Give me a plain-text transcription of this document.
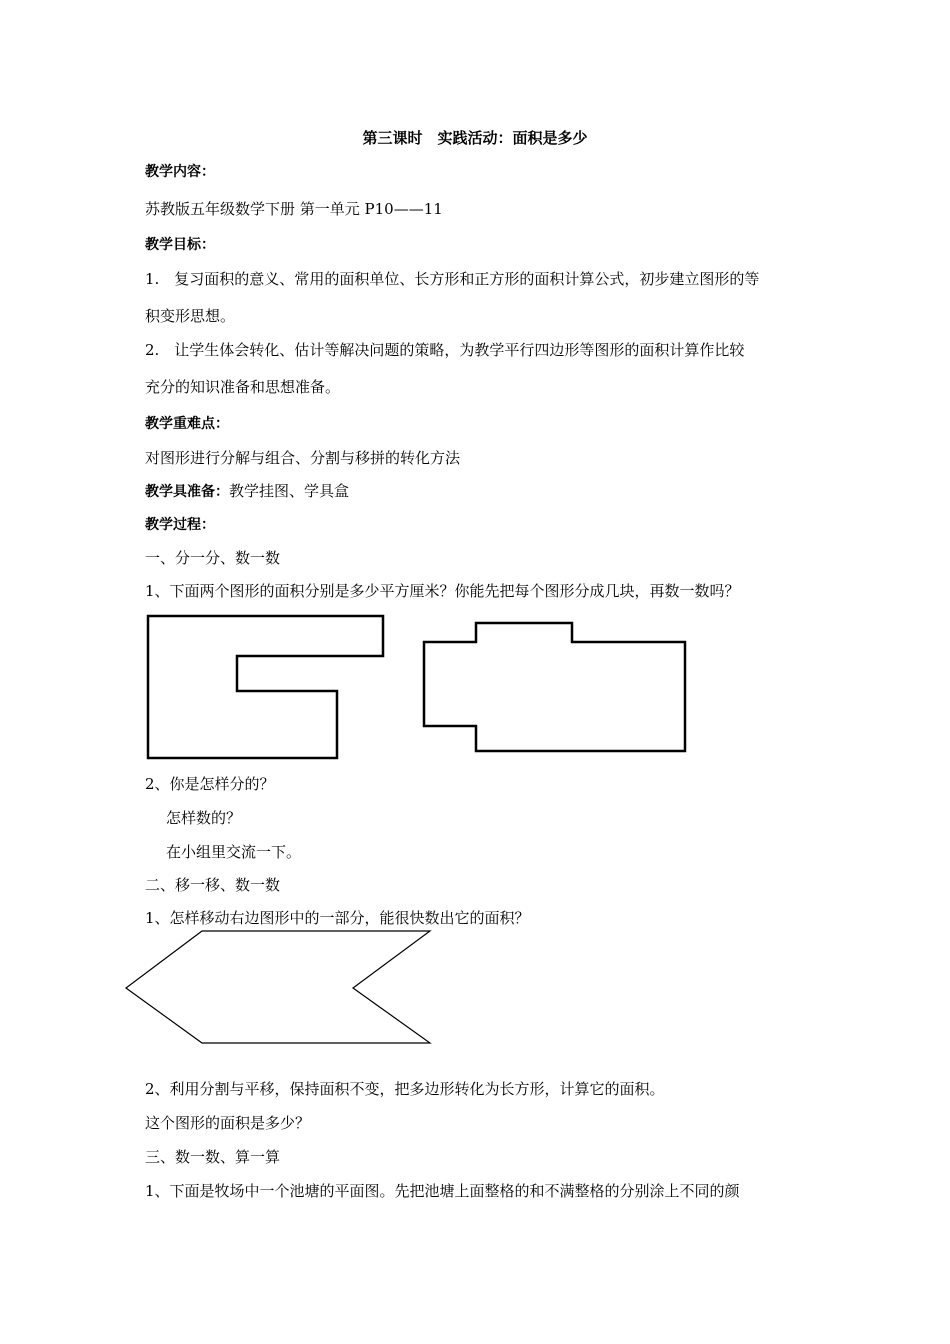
第三课时　实践活动：面积是多少
教学内容：
苏教版五年级数学下册 第一单元 P10——11
教学目标：
1.　复习面积的意义、常用的面积单位、长方形和正方形的面积计算公式，初步建立图形的等
积变形思想。
2.　让学生体会转化、估计等解决问题的策略，为教学平行四边形等图形的面积计算作比较
充分的知识准备和思想准备。
教学重难点：
对图形进行分解与组合、分割与移拼的转化方法
教学具准备：教学挂图、学具盒
教学过程：
一、分一分、数一数
1、下面两个图形的面积分别是多少平方厘米？你能先把每个图形分成几块，再数一数吗？
2、你是怎样分的？
怎样数的？
在小组里交流一下。
二、移一移、数一数
1、怎样移动右边图形中的一部分，能很快数出它的面积？
2、利用分割与平移，保持面积不变，把多边形转化为长方形，计算它的面积。
这个图形的面积是多少？
三、数一数、算一算
1、下面是牧场中一个池塘的平面图。先把池塘上面整格的和不满整格的分别涂上不同的颜
